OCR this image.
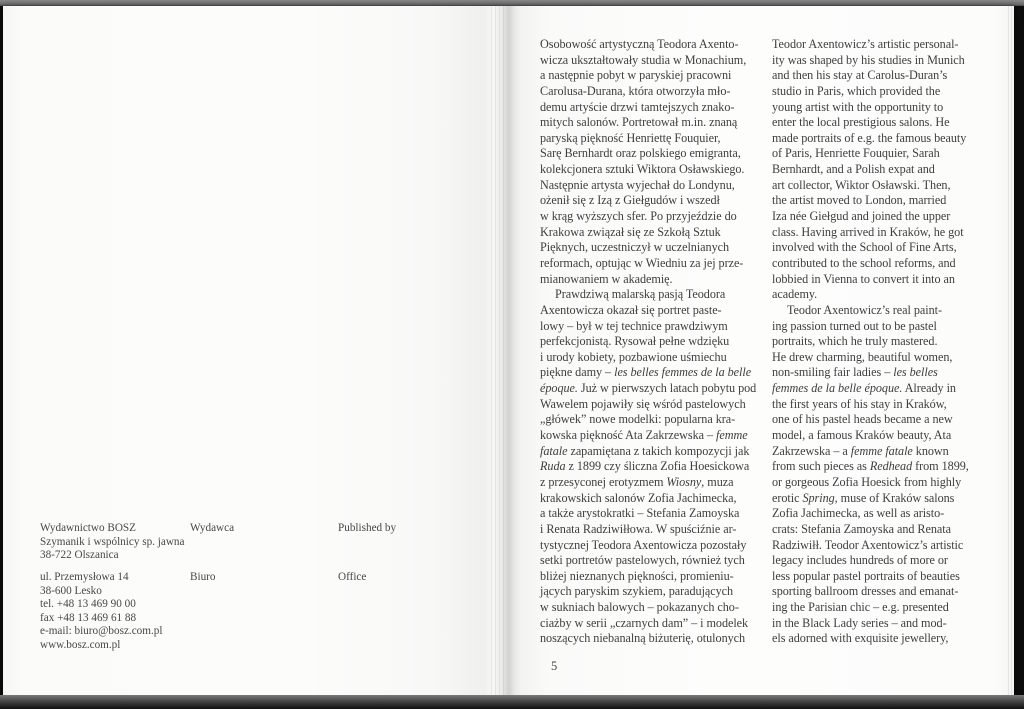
Wydawnictwo BOSZ
Szymanik i wspólnicy sp. jawna
38-722 Olszanica
Wydawca	Published by
ul. Przemysłowa 14
38-600 Lesko
tel. +48 13 469 90 00
fax +48 13 469 61 88
e-mail: biuro@bosz.com.pl
www.bosz.com.pl
Biuro	Office

Osobowość artystyczną Teodora Axento-
wicza ukształtowały studia w Monachium,
a następnie pobyt w paryskiej pracowni
Carolusa-Durana, która otworzyła mło-
demu artyście drzwi tamtejszych znako-
mitych salonów. Portretował m.in. znaną
paryską piękność Henriettę Fouquier,
Sarę Bernhardt oraz polskiego emigranta,
kolekcjonera sztuki Wiktora Osławskiego.
Następnie artysta wyjechał do Londynu,
ożenił się z Izą z Giełgudów i wszedł
w krąg wyższych sfer. Po przyjeździe do
Krakowa związał się ze Szkołą Sztuk
Pięknych, uczestniczył w uczelnianych
reformach, optując w Wiedniu za jej prze-
mianowaniem w akademię.

Prawdziwą malarską pasją Teodora
Axentowicza okazał się portret paste-
lowy – był w tej technice prawdziwym
perfekcjonistą. Rysował pełne wdzięku
i urody kobiety, pozbawione uśmiechu
piękne damy – les belles femmes de la belle
époque. Już w pierwszych latach pobytu pod
Wawelem pojawiły się wśród pastelowych
„główek” nowe modelki: popularna kra-
kowska piękność Ata Zakrzewska – femme
fatale zapamiętana z takich kompozycji jak
Ruda z 1899 czy śliczna Zofia Hoesickowa
z przesyconej erotyzmem Wiosny, muza
krakowskich salonów Zofia Jachimecka,
a także arystokratki – Stefania Zamoyska
i Renata Radziwiłłowa. W spuściźnie ar-
tystycznej Teodora Axentowicza pozostały
setki portretów pastelowych, również tych
bliżej nieznanych piękności, promieniu-
jących paryskim szykiem, paradujących
w sukniach balowych – pokazanych cho-
ciażby w serii „czarnych dam” – i modelek
noszących niebanalną biżuterię, otulonych

Teodor Axentowicz’s artistic personal-
ity was shaped by his studies in Munich
and then his stay at Carolus-Duran’s
studio in Paris, which provided the
young artist with the opportunity to
enter the local prestigious salons. He
made portraits of e.g. the famous beauty
of Paris, Henriette Fouquier, Sarah
Bernhardt, and a Polish expat and
art collector, Wiktor Osławski. Then,
the artist moved to London, married
Iza née Giełgud and joined the upper
class. Having arrived in Kraków, he got
involved with the School of Fine Arts,
contributed to the school reforms, and
lobbied in Vienna to convert it into an
academy.

Teodor Axentowicz’s real paint-
ing passion turned out to be pastel
portraits, which he truly mastered.
He drew charming, beautiful women,
non-smiling fair ladies – les belles
femmes de la belle époque. Already in
the first years of his stay in Kraków,
one of his pastel heads became a new
model, a famous Kraków beauty, Ata
Zakrzewska – a femme fatale known
from such pieces as Redhead from 1899,
or gorgeous Zofia Hoesick from highly
erotic Spring, muse of Kraków salons
Zofia Jachimecka, as well as aristo-
crats: Stefania Zamoyska and Renata
Radziwiłł. Teodor Axentowicz’s artistic
legacy includes hundreds of more or
less popular pastel portraits of beauties
sporting ballroom dresses and emanat-
ing the Parisian chic – e.g. presented
in the Black Lady series – and mod-
els adorned with exquisite jewellery,

5
